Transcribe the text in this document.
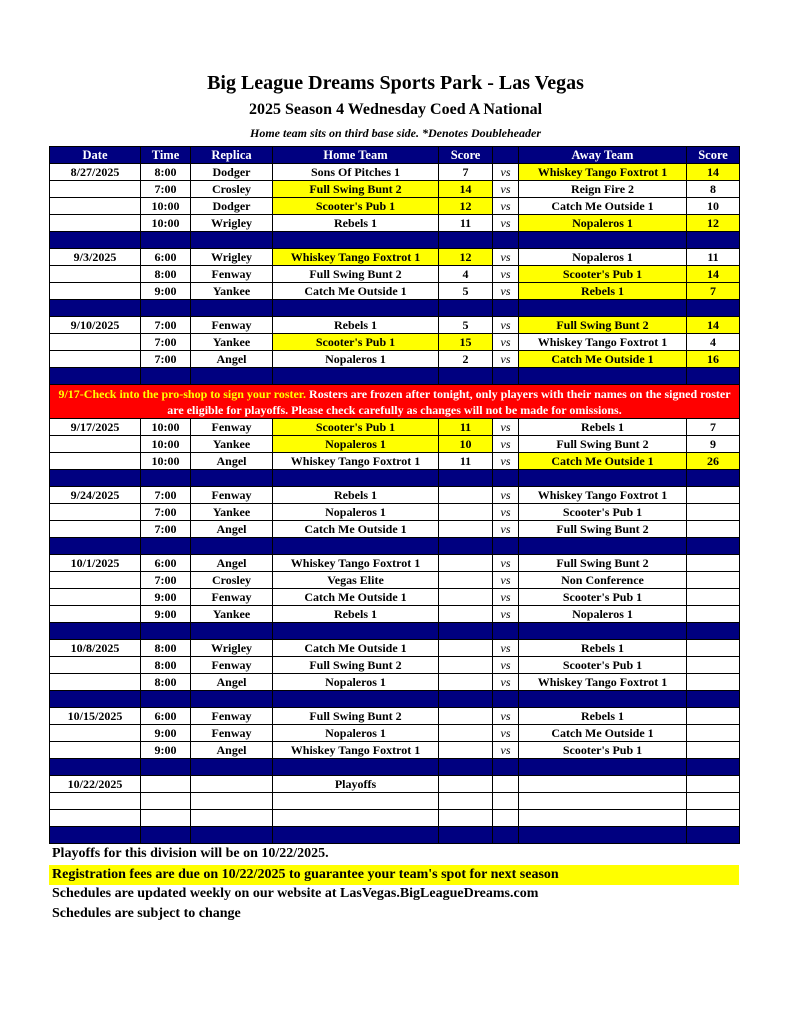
Big League Dreams Sports Park - Las Vegas
2025 Season 4 Wednesday Coed A National
Home team sits on third base side. *Denotes Doubleheader
Date	Time	Replica	Home Team	Score		Away Team	Score
8/27/2025	8:00	Dodger	Sons Of Pitches 1	7	vs	Whiskey Tango Foxtrot 1	14
	7:00	Crosley	Full Swing Bunt 2	14	vs	Reign Fire 2	8
	10:00	Dodger	Scooter's Pub 1	12	vs	Catch Me Outside 1	10
	10:00	Wrigley	Rebels 1	11	vs	Nopaleros 1	12

9/3/2025	6:00	Wrigley	Whiskey Tango Foxtrot 1	12	vs	Nopaleros 1	11
	8:00	Fenway	Full Swing Bunt 2	4	vs	Scooter's Pub 1	14
	9:00	Yankee	Catch Me Outside 1	5	vs	Rebels 1	7

9/10/2025	7:00	Fenway	Rebels 1	5	vs	Full Swing Bunt 2	14
	7:00	Yankee	Scooter's Pub 1	15	vs	Whiskey Tango Foxtrot 1	4
	7:00	Angel	Nopaleros 1	2	vs	Catch Me Outside 1	16

9/17-Check into the pro-shop to sign your roster. Rosters are frozen after tonight, only players with their names on the signed roster are eligible for playoffs. Please check carefully as changes will not be made for omissions.							
9/17/2025	10:00	Fenway	Scooter's Pub 1	11	vs	Rebels 1	7
	10:00	Yankee	Nopaleros 1	10	vs	Full Swing Bunt 2	9
	10:00	Angel	Whiskey Tango Foxtrot 1	11	vs	Catch Me Outside 1	26

9/24/2025	7:00	Fenway	Rebels 1		vs	Whiskey Tango Foxtrot 1	
	7:00	Yankee	Nopaleros 1		vs	Scooter's Pub 1	
	7:00	Angel	Catch Me Outside 1		vs	Full Swing Bunt 2	

10/1/2025	6:00	Angel	Whiskey Tango Foxtrot 1		vs	Full Swing Bunt 2	
	7:00	Crosley	Vegas Elite		vs	Non Conference	
	9:00	Fenway	Catch Me Outside 1		vs	Scooter's Pub 1	
	9:00	Yankee	Rebels 1		vs	Nopaleros 1	

10/8/2025	8:00	Wrigley	Catch Me Outside 1		vs	Rebels 1	
	8:00	Fenway	Full Swing Bunt 2		vs	Scooter's Pub 1	
	8:00	Angel	Nopaleros 1		vs	Whiskey Tango Foxtrot 1	

10/15/2025	6:00	Fenway	Full Swing Bunt 2		vs	Rebels 1	
	9:00	Fenway	Nopaleros 1		vs	Catch Me Outside 1	
	9:00	Angel	Whiskey Tango Foxtrot 1		vs	Scooter's Pub 1	

10/22/2025			Playoffs				

Playoffs for this division will be on 10/22/2025.
Registration fees are due on 10/22/2025 to guarantee your team's spot for next season
Schedules are updated weekly on our website at LasVegas.BigLeagueDreams.com
Schedules are subject to change
